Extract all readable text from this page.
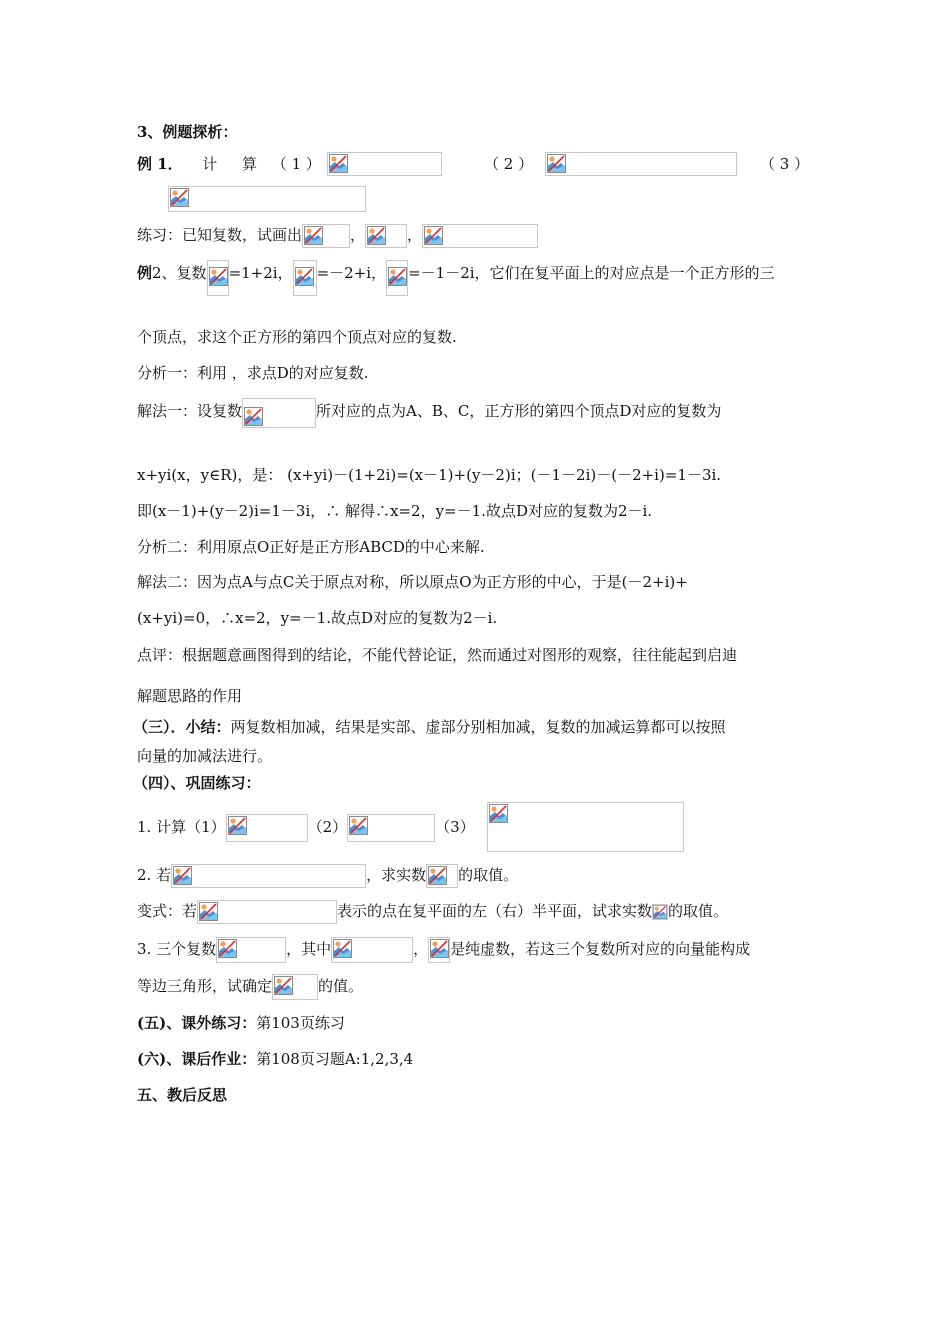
3、例题探析：
例 1． 计 算 （ 1 ）	（ 2 ）	（ 3 ）
练习：已知复数，试画出	，	，
例2、复数 =1+2i， =－2+i， =－1－2i，它们在复平面上的对应点是一个正方形的三
个顶点，求这个正方形的第四个顶点对应的复数.
分析一：利用 ，求点D的对应复数.
解法一：设复数	所对应的点为A、B、C，正方形的第四个顶点D对应的复数为
x+yi(x，y∈R)，是： (x+yi)－(1+2i)=(x－1)+(y－2)i；(－1－2i)－(－2+i)=1－3i.
即(x－1)+(y－2)i=1－3i，∴ 解得∴x=2，y=－1.故点D对应的复数为2－i.
分析二：利用原点O正好是正方形ABCD的中心来解.
解法二：因为点A与点C关于原点对称，所以原点O为正方形的中心，于是(－2+i)+
(x+yi)=0，∴x=2，y=－1.故点D对应的复数为2－i.
点评：根据题意画图得到的结论，不能代替论证，然而通过对图形的观察，往往能起到启迪
解题思路的作用
（三）．小结：两复数相加减，结果是实部、虚部分别相加减，复数的加减运算都可以按照
向量的加减法进行。
（四）、巩固练习：
1. 计算（1）	（2）	（3）
2. 若	，求实数 的取值。
变式：若	表示的点在复平面的左（右）半平面，试求实数 的取值。
3. 三个复数	，其中	， 是纯虚数，若这三个复数所对应的向量能构成
等边三角形，试确定	的值。
(五)、课外练习：第103页练习
(六)、课后作业：第108页习题A:1,2,3,4
五、教后反思
